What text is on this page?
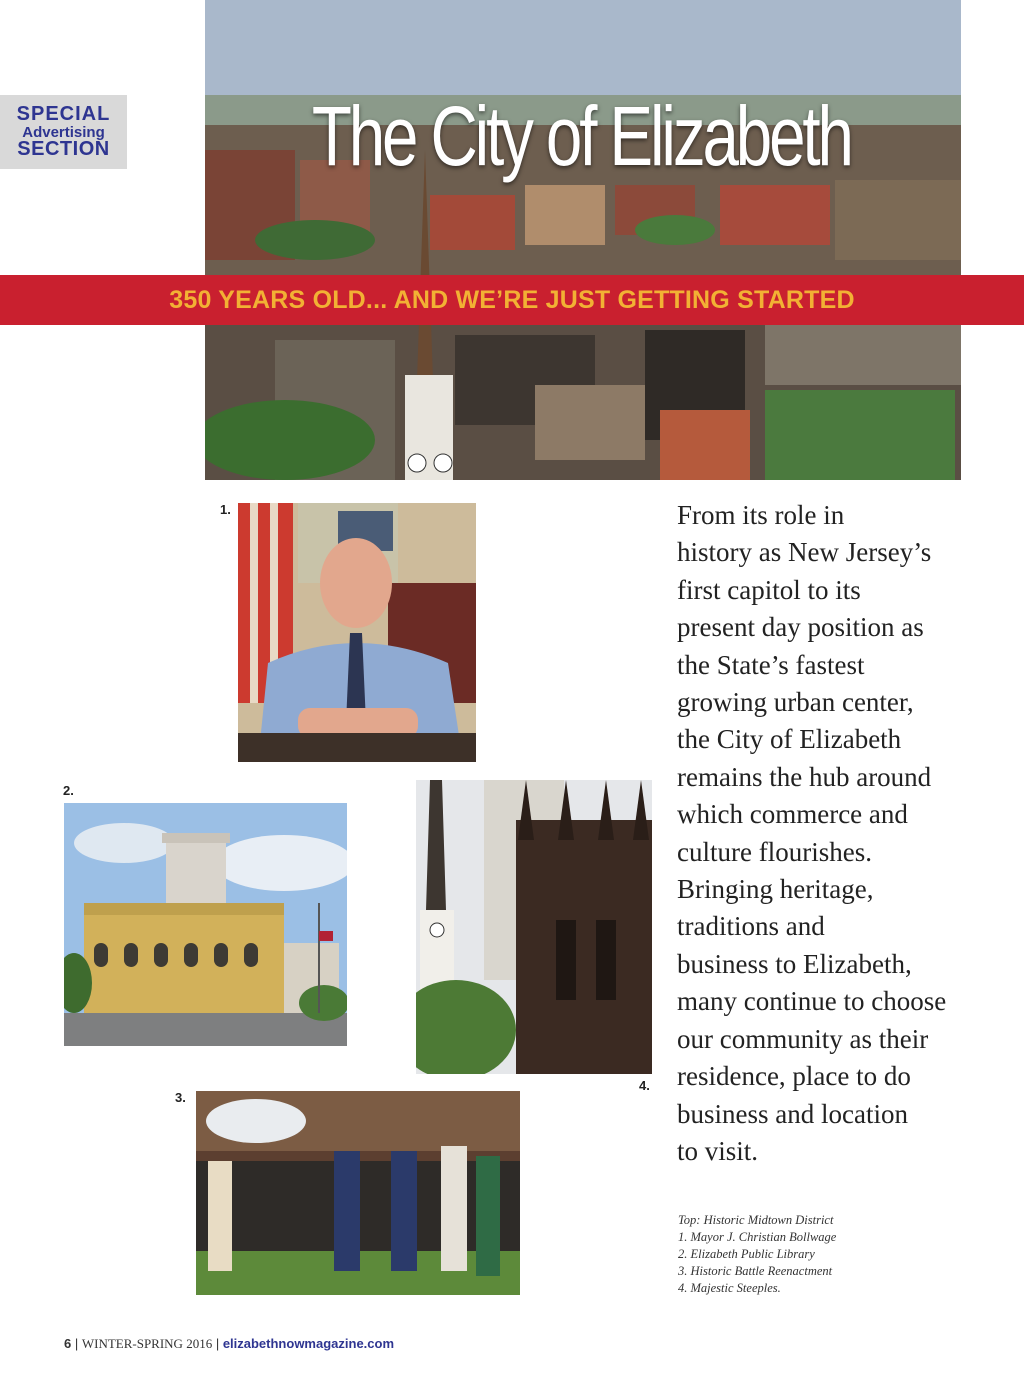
The City of Elizabeth
350 YEARS OLD... AND WE’RE JUST GETTING STARTED
SPECIAL
Advertising
SECTION
1.
2.
3.
4.

From its role in

history as New Jersey’s

first capitol to its

present day position as

the State’s fastest

growing urban center,

the City of Elizabeth

remains the hub around

which commerce and

culture flourishes.

Bringing heritage,

traditions and

business to Elizabeth,

many continue to choose

our community as their

residence, place to do

business and location

to visit.

Top: Historic Midtown District
1. Mayor J. Christian Bollwage
2. Elizabeth Public Library
3. Historic Battle Reenactment
4. Majestic Steeples.
6 | WINTER-SPRING 2016 | elizabethnowmagazine.com
